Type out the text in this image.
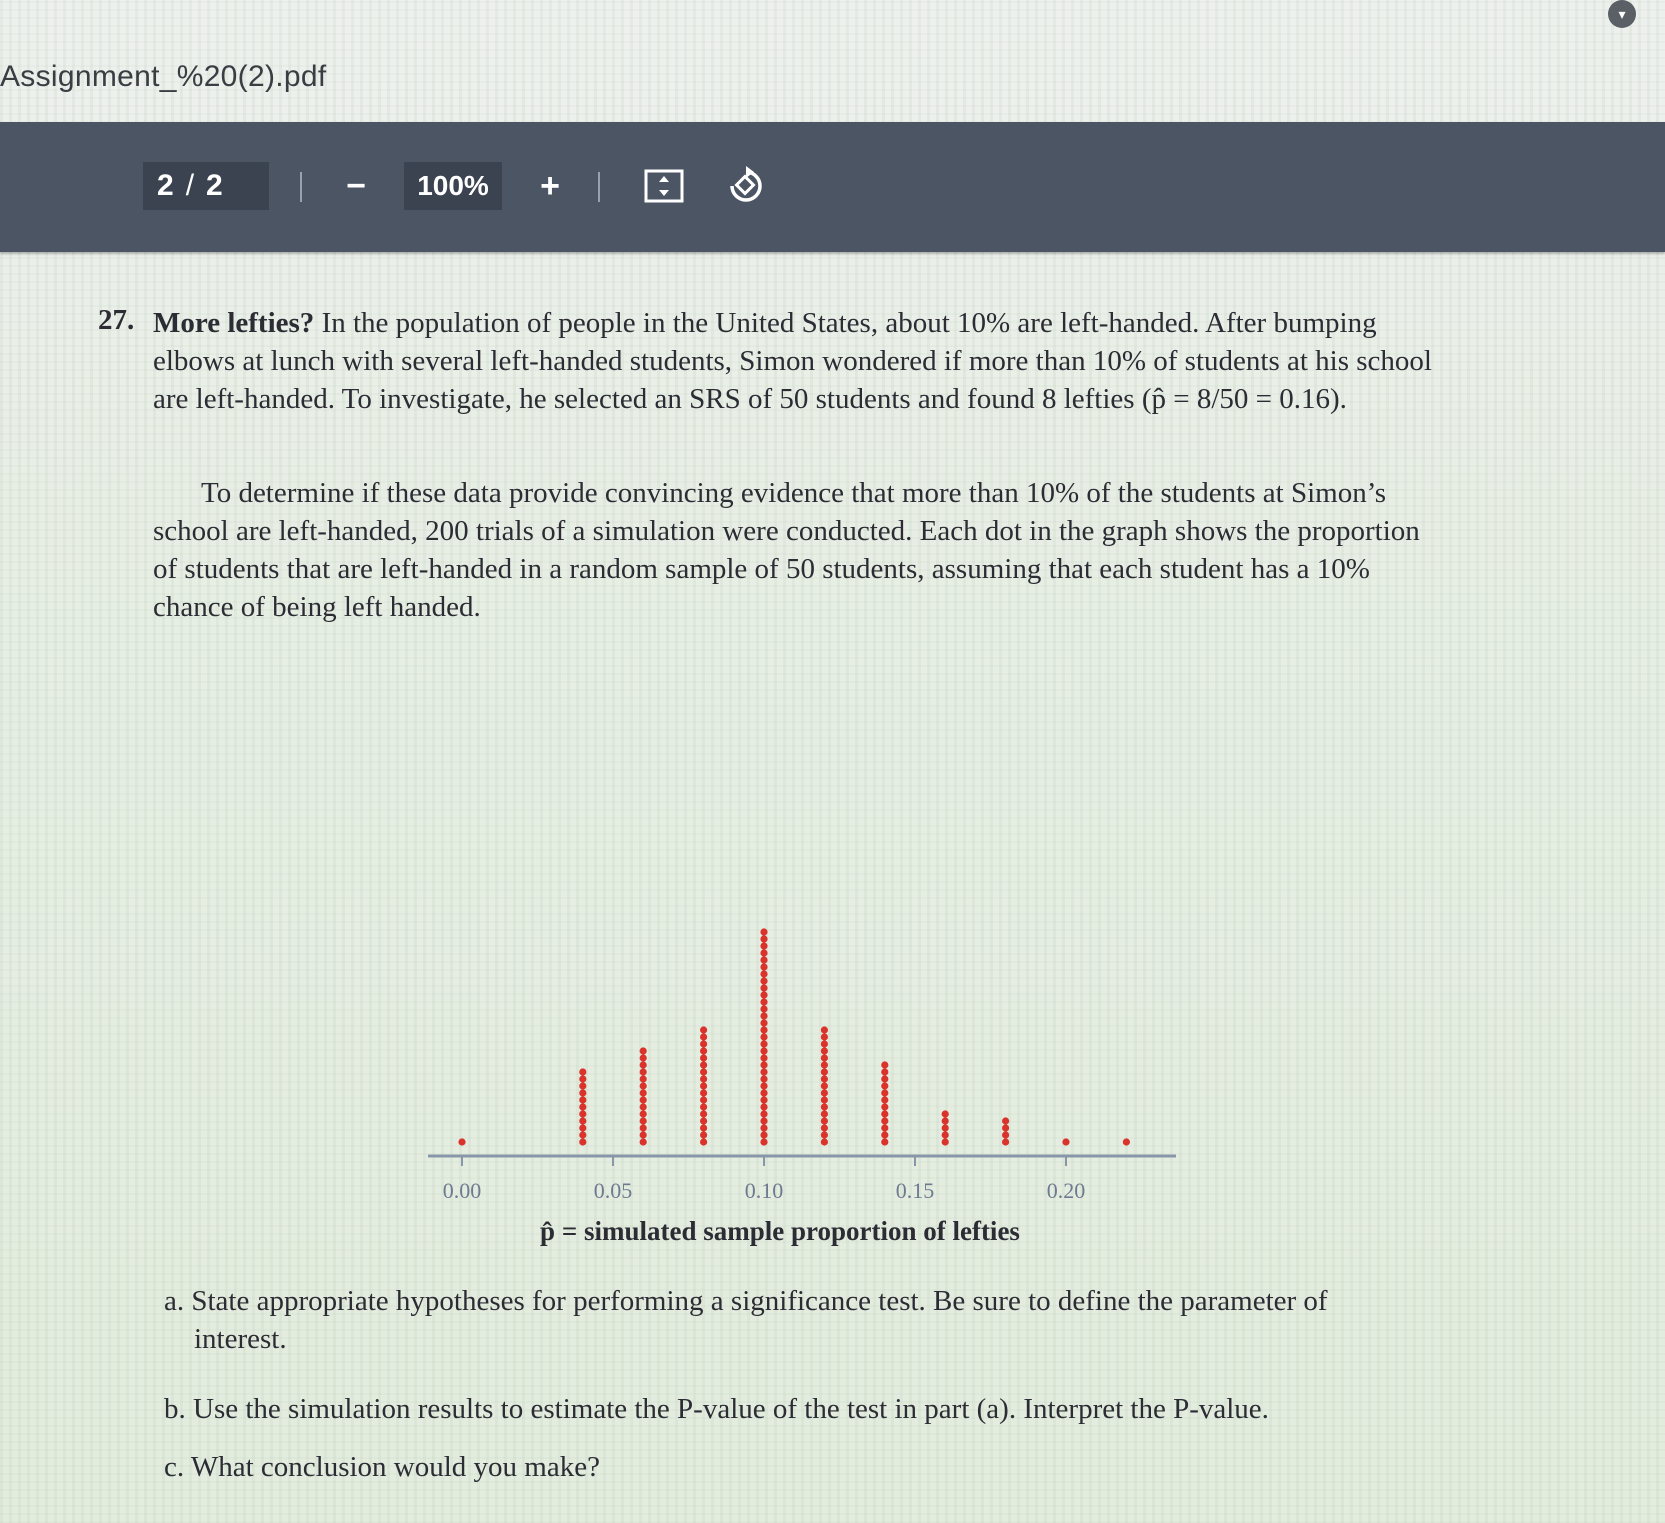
▾
Assignment_%20(2).pdf
2 / 2	−	100%	+
27. More lefties? In the population of people in the United States, about 10% are left-handed. After bumping elbows at lunch with several left-handed students, Simon wondered if more than 10% of students at his school are left-handed. To investigate, he selected an SRS of 50 students and found 8 lefties (p̂ = 8/50 = 0.16).
To determine if these data provide convincing evidence that more than 10% of the students at Simon’s school are left-handed, 200 trials of a simulation were conducted. Each dot in the graph shows the proportion of students that are left-handed in a random sample of 50 students, assuming that each student has a 10% chance of being left handed.
0.00	0.05	0.10	0.15	0.20
p̂ = simulated sample proportion of lefties
a. State appropriate hypotheses for performing a significance test. Be sure to define the parameter of
interest.
b. Use the simulation results to estimate the P-value of the test in part (a). Interpret the P-value.
c. What conclusion would you make?
